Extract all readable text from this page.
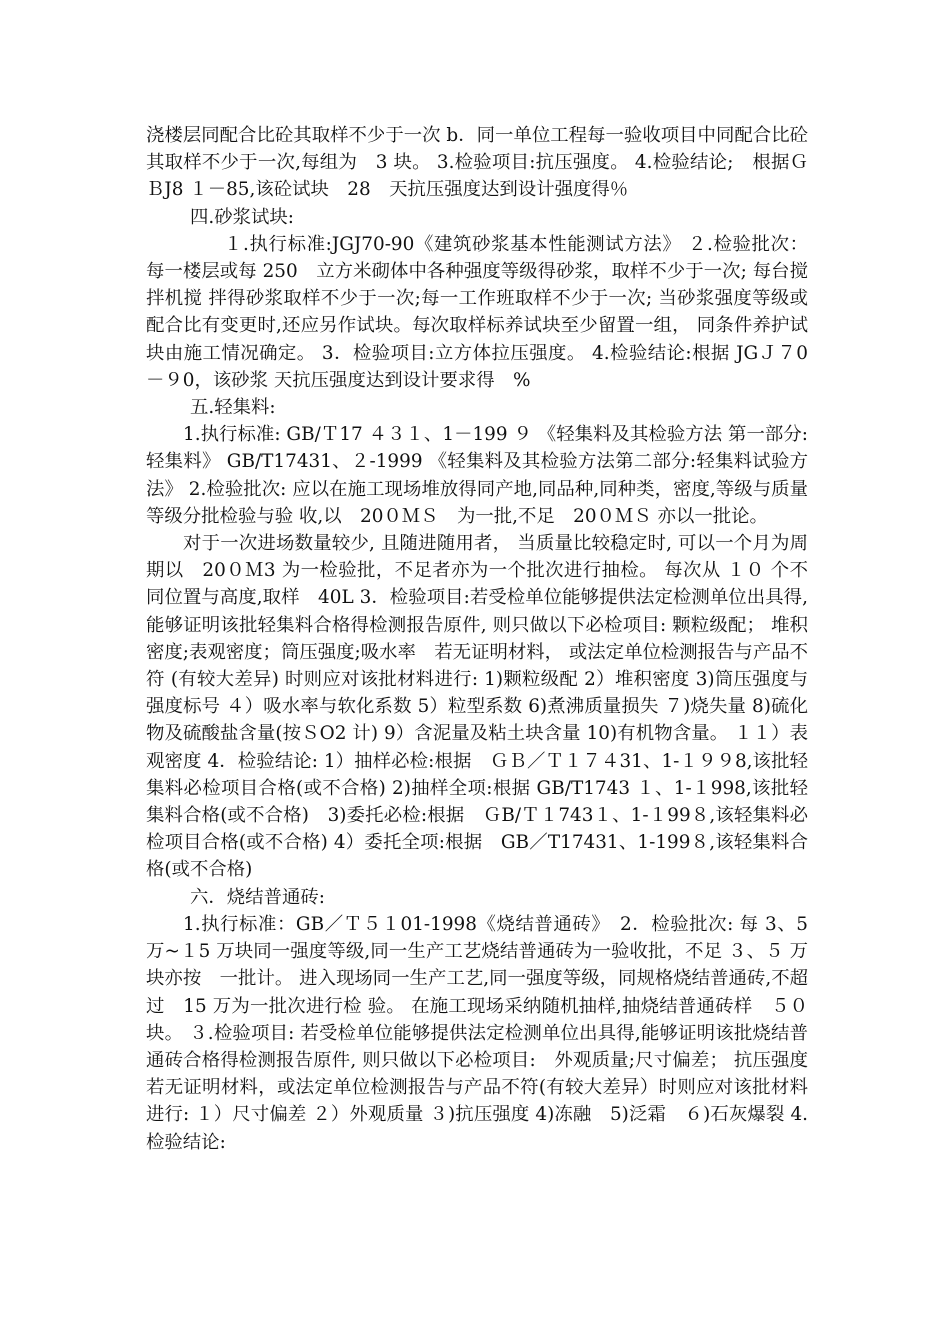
浇楼层同配合比砼其取样不少于一次 b．同一单位工程每一验收项目中同配合比砼其取样不少于一次,每组为　3 块。 3.检验项目:抗压强度。 4.检验结论;　根据ＧＢJ8 １－85,该砼试块　28　天抗压强度达到设计强度得％

四.砂浆试块:

１.执行标准:JGJ70-90《建筑砂浆基本性能测试方法》 ２.检验批次： 每一楼层或每 250　立方米砌体中各种强度等级得砂浆，取样不少于一次; 每台搅拌机搅 拌得砂浆取样不少于一次;每一工作班取样不少于一次; 当砂浆强度等级或配合比有变更时,还应另作试块。每次取样标养试块至少留置一组， 同条件养护试块由施工情况确定。 3．检验项目:立方体拉压强度。 4.检验结论:根据 JGＪ７0－９0，该砂浆 天抗压强度达到设计要求得　%

五.轻集料:

1.执行标准: GB/Ｔ17 ４３１、1－199 ９ 《轻集料及其检验方法 第一部分:轻集料》 GB/T17431、２-1999 《轻集料及其检验方法第二部分:轻集料试验方法》 2.检验批次: 应以在施工现场堆放得同产地,同品种,同种类，密度,等级与质量等级分批检验与验 收,以　20０ＭＳ　为一批,不足　20０ＭＳ 亦以一批论。

对于一次进场数量较少, 且随进随用者， 当质量比较稳定时, 可以一个月为周期以　20０Ｍ3 为一检验批，不足者亦为一个批次进行抽检。 每次从 １０ 个不同位置与高度,取样　40L 3．检验项目:若受检单位能够提供法定检测单位出具得,能够证明该批轻集料合格得检测报告原件, 则只做以下必检项目: 颗粒级配； 堆积密度;表观密度；筒压强度;吸水率　若无证明材料， 或法定单位检测报告与产品不符 (有较大差异) 时则应对该批材料进行: 1)颗粒级配 2）堆积密度 3)筒压强度与强度标号 ４）吸水率与软化系数 5）粒型系数 6)煮沸质量损失 ７)烧失量 8)硫化物及硫酸盐含量(按ＳO2 计) 9）含泥量及粘土块含量 10)有机物含量。 １１）表观密度 4．检验结论: 1）抽样必检:根据　ＧＢ／Ｔ１７４31、1-１９９8,该批轻集料必检项目合格(或不合格) 2)抽样全项:根据 GB/T1743 １、1-１998,该批轻集料合格(或不合格)　3)委托必检:根据　ＧB/Ｔ１743１、1-１99８,该轻集料必检项目合格(或不合格) 4）委托全项:根据　GB／T17431、1-199８,该轻集料合格(或不合格)

六．烧结普通砖:

1.执行标准：GB／Ｔ５１01-1998《烧结普通砖》　2．检验批次: 每 3、5　万~１5 万块同一强度等级,同一生产工艺烧结普通砖为一验收批，不足 ３、５ 万块亦按　一批计。 进入现场同一生产工艺,同一强度等级，同规格烧结普通砖,不超过　15 万为一批次进行检 验。 在施工现场采纳随机抽样,抽烧结普通砖样　５０　块。 ３.检验项目: 若受检单位能够提供法定检测单位出具得,能够证明该批烧结普通砖合格得检测报告原件, 则只做以下必检项目:　外观质量;尺寸偏差； 抗压强度 若无证明材料，或法定单位检测报告与产品不符(有较大差异）时则应对该批材料进行: １）尺寸偏差 ２）外观质量 ３)抗压强度 4)冻融　5)泛霜　６)石灰爆裂 4.检验结论:
